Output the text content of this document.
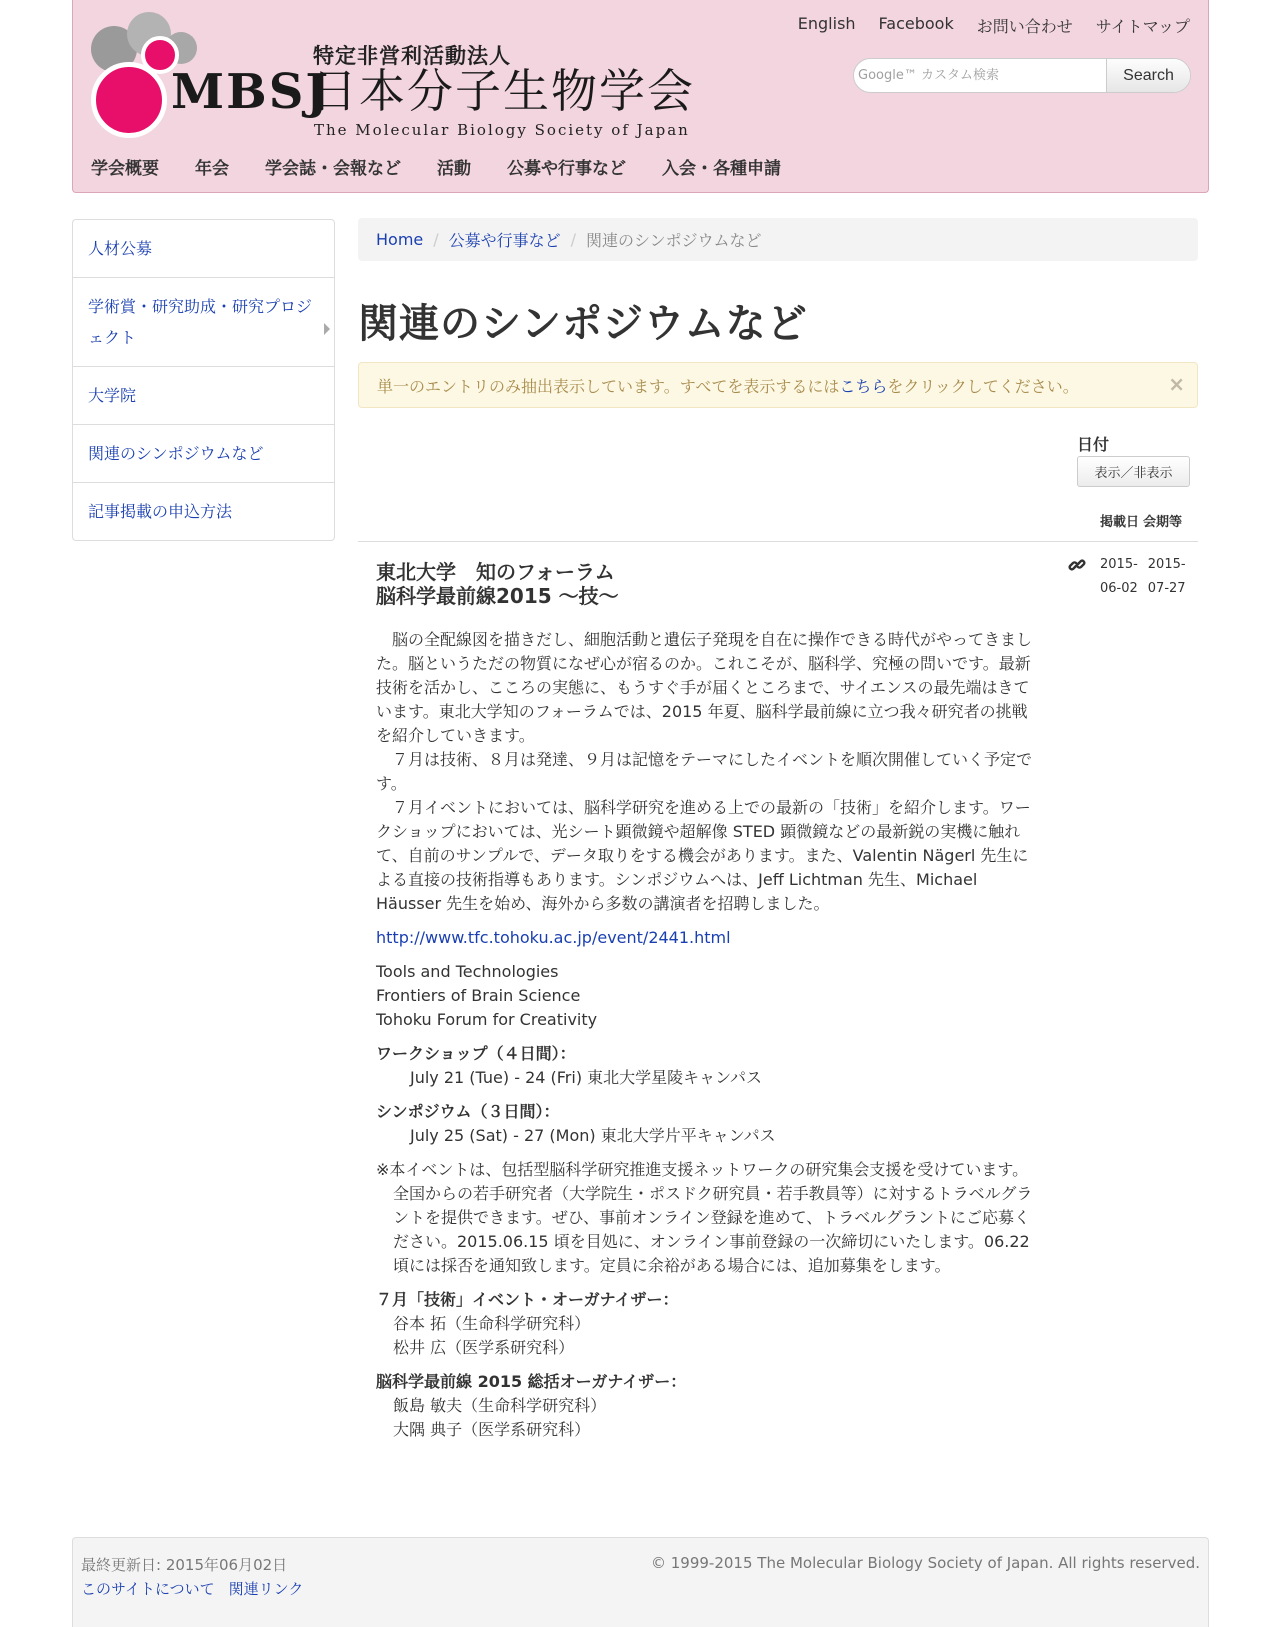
MBSJ
特定非営利活動法人
日本分子生物学会
The Molecular Biology Society of Japan
English Facebook お問い合わせ サイトマップ
Google™ カスタム検索
Search
学会概要 年会 学会誌・会報など 活動 公募や行事など 入会・各種申請
人材公募
学術賞・研究助成・研究プロジェクト
大学院
関連のシンポジウムなど
記事掲載の申込方法
Home / 公募や行事など / 関連のシンポジウムなど
関連のシンポジウムなど
単一のエントリのみ抽出表示しています。すべてを表示するには こちら をクリックしてください。	×
日付
表示／非表示
掲載日 会期等
東北大学　知のフォーラム
脳科学最前線2015 〜技〜
2015-
06-02
2015-
07-27

　脳の全配線図を描きだし、細胞活動と遺伝子発現を自在に操作できる時代がやってきました。脳というただの物質になぜ心が宿るのか。これこそが、脳科学、究極の問いです。最新技術を活かし、こころの実態に、もうすぐ手が届くところまで、サイエンスの最先端はきています。東北大学知のフォーラムでは、2015 年夏、脳科学最前線に立つ我々研究者の挑戦を紹介していきます。

　７月は技術、８月は発達、９月は記憶をテーマにしたイベントを順次開催していく予定です。

　７月イベントにおいては、脳科学研究を進める上での最新の「技術」を紹介します。ワークショップにおいては、光シート顕微鏡や超解像 STED 顕微鏡などの最新鋭の実機に触れて、自前のサンプルで、データ取りをする機会があります。また、Valentin Nägerl 先生による直接の技術指導もあります。シンポジウムへは、Jeff Lichtman 先生、Michael Häusser 先生を始め、海外から多数の講演者を招聘しました。

http://www.tfc.tohoku.ac.jp/event/2441.html
Tools and Technologies
Frontiers of Brain Science
Tohoku Forum for Creativity
ワークショップ（４日間）：
July 21 (Tue) - 24 (Fri) 東北大学星陵キャンパス
シンポジウム（３日間）：
July 25 (Sat) - 27 (Mon) 東北大学片平キャンパス
※本イベントは、包括型脳科学研究推進支援ネットワークの研究集会支援を受けています。全国からの若手研究者（大学院生・ポスドク研究員・若手教員等）に対するトラベルグラントを提供できます。ぜひ、事前オンライン登録を進めて、トラベルグラントにご応募ください。2015.06.15 頃を目処に、オンライン事前登録の一次締切にいたします。06.22 頃には採否を通知致します。定員に余裕がある場合には、追加募集をします。
７月「技術」イベント・オーガナイザー：
谷本 拓（生命科学研究科）
松井 広（医学系研究科）
脳科学最前線 2015 総括オーガナイザー：
飯島 敏夫（生命科学研究科）
大隅 典子（医学系研究科）
最終更新日: 2015年06月02日
このサイトについて 関連リンク
© 1999-2015 The Molecular Biology Society of Japan. All rights reserved.
